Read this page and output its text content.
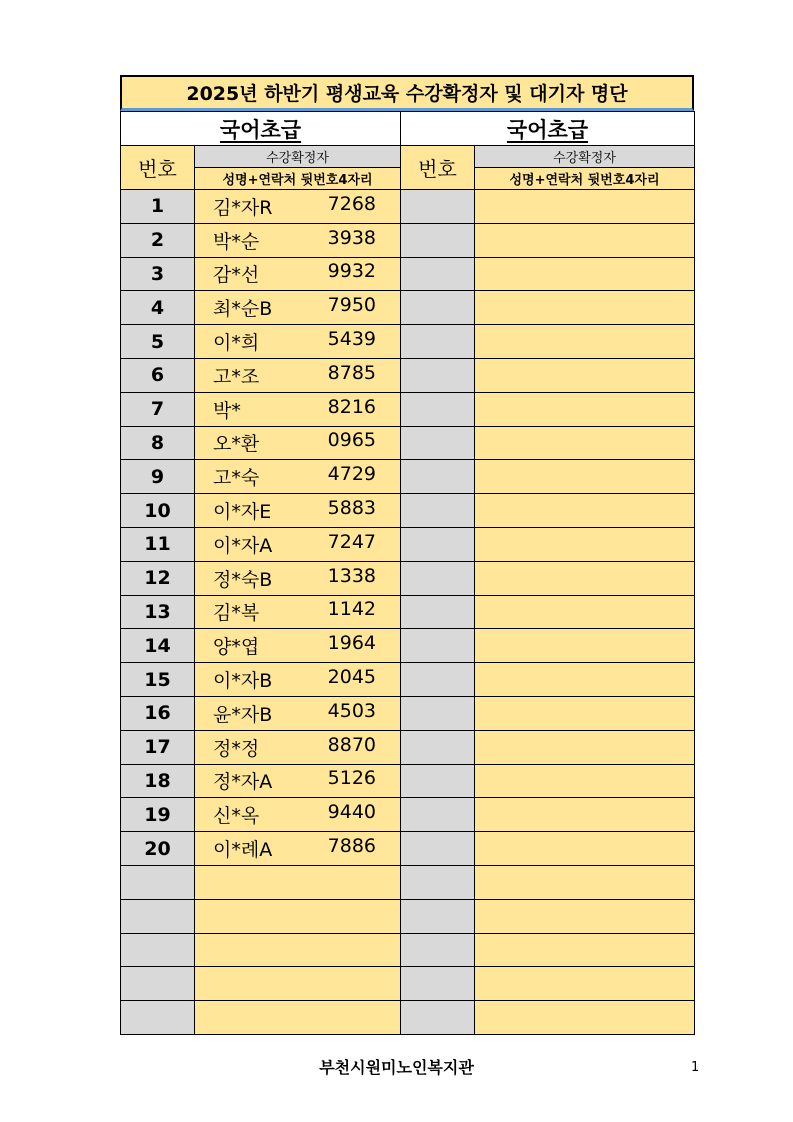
2025년 하반기 평생교육 수강확정자 및 대기자 명단
국어초급		국어초급	
번호	수강확정자	번호	수강확정자
	성명+연락처 뒷번호4자리		성명+연락처 뒷번호4자리
1	김*자R 7268		

2	박*순 3938		

3	감*선 9932		

4	최*순B 7950		

5	이*희 5439		

6	고*조 8785		

7	박* 8216		

8	오*환 0965		

9	고*숙 4729		

10	이*자E 5883		

11	이*자A 7247		

12	정*숙B 1338		

13	김*복 1142		

14	양*엽 1964		

15	이*자B 2045		

16	윤*자B 4503		

17	정*정 8870		

18	정*자A 5126		

19	신*옥 9440		

20	이*례A 7886		

부천시원미노인복지관	1
